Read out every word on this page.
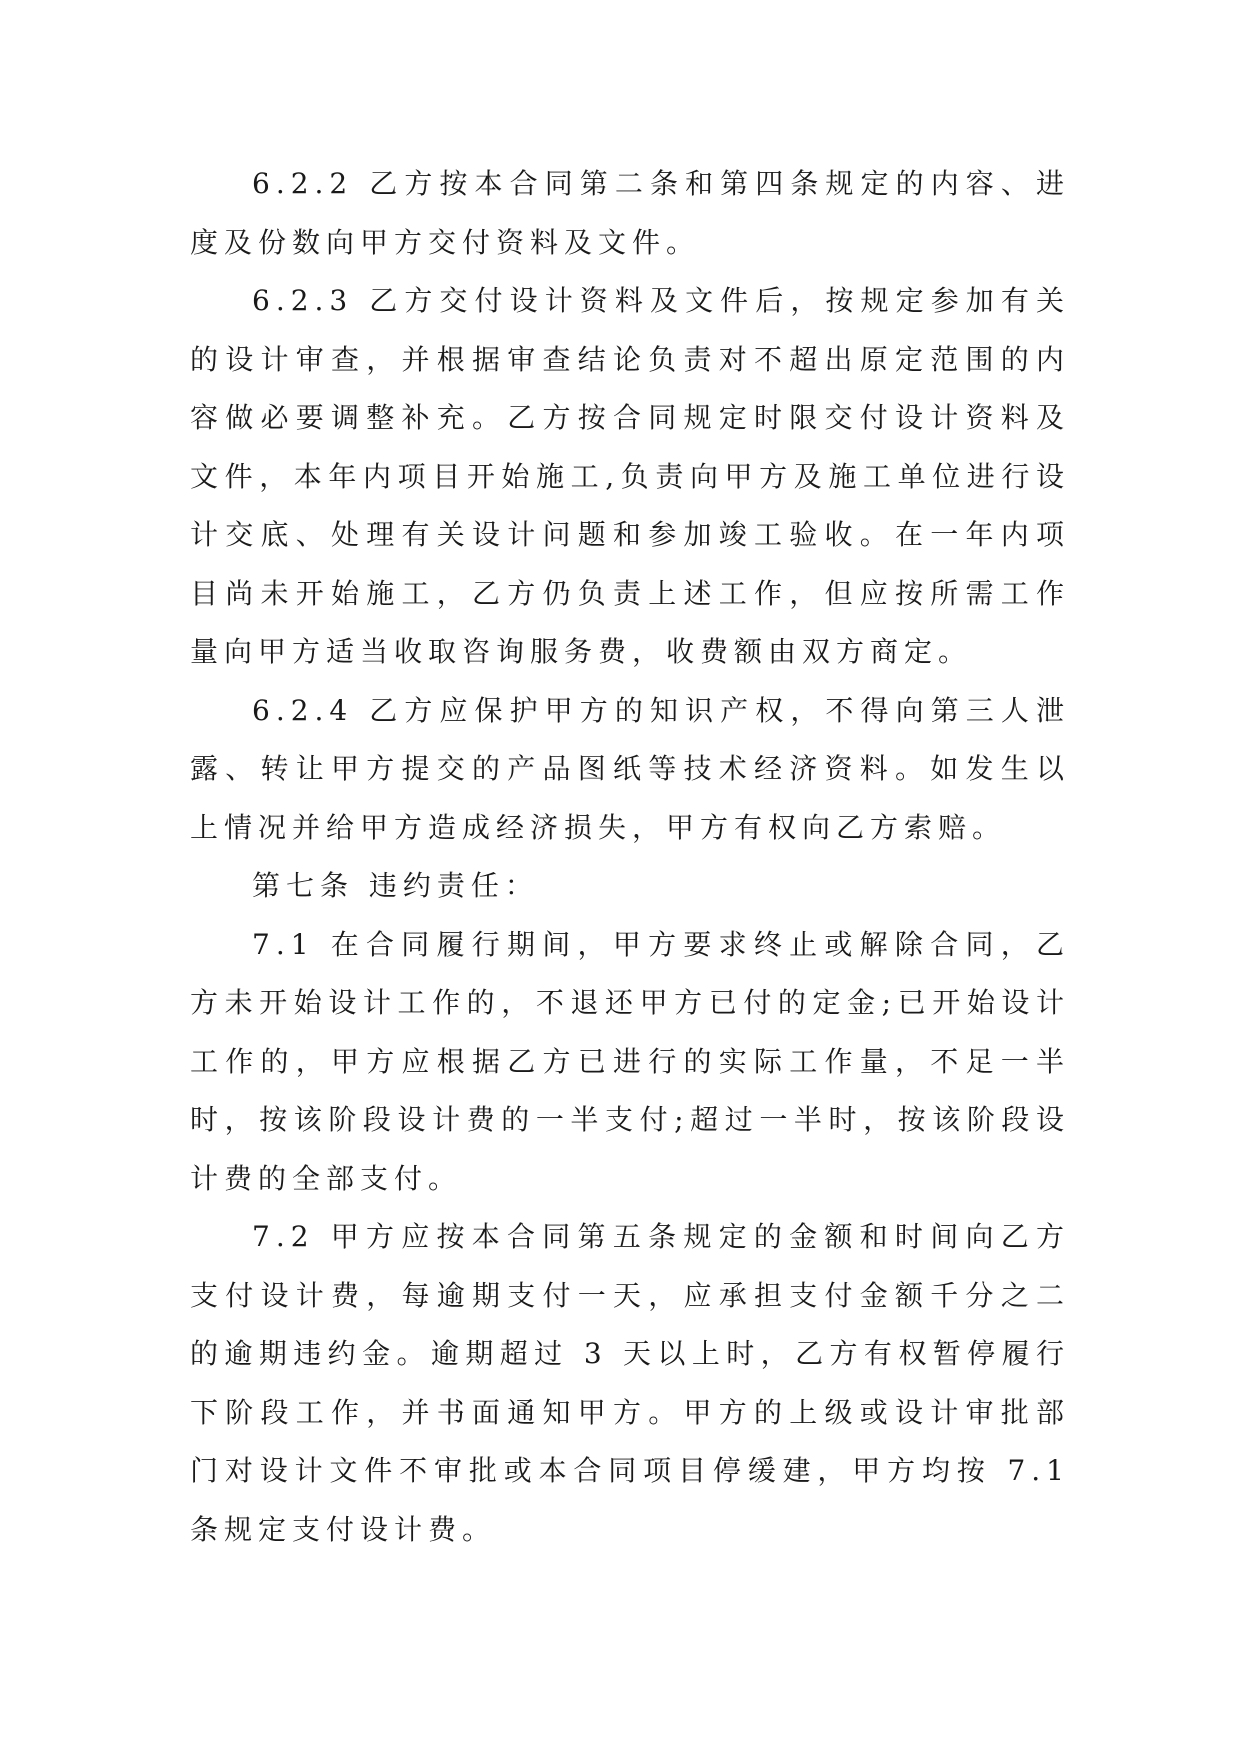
6.2.2 乙方按本合同第二条和第四条规定的内容、进度及份数向甲方交付资料及文件。

6.2.3 乙方交付设计资料及文件后，按规定参加有关的设计审查，并根据审查结论负责对不超出原定范围的内容做必要调整补充。乙方按合同规定时限交付设计资料及文件，本年内项目开始施工,负责向甲方及施工单位进行设计交底、处理有关设计问题和参加竣工验收。在一年内项目尚未开始施工，乙方仍负责上述工作，但应按所需工作量向甲方适当收取咨询服务费，收费额由双方商定。

6.2.4 乙方应保护甲方的知识产权，不得向第三人泄露、转让甲方提交的产品图纸等技术经济资料。如发生以上情况并给甲方造成经济损失，甲方有权向乙方索赔。

第七条 违约责任：

7.1 在合同履行期间，甲方要求终止或解除合同，乙方未开始设计工作的，不退还甲方已付的定金;已开始设计工作的，甲方应根据乙方已进行的实际工作量，不足一半时，按该阶段设计费的一半支付;超过一半时，按该阶段设计费的全部支付。

7.2 甲方应按本合同第五条规定的金额和时间向乙方支付设计费，每逾期支付一天，应承担支付金额千分之二的逾期违约金。逾期超过 3 天以上时，乙方有权暂停履行下阶段工作，并书面通知甲方。甲方的上级或设计审批部门对设计文件不审批或本合同项目停缓建，甲方均按 7.1 条规定支付设计费。
